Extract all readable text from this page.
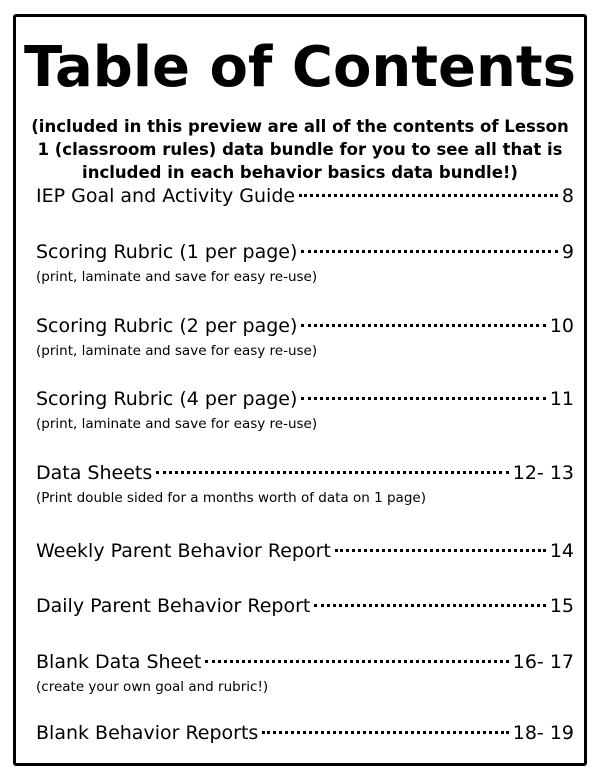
Table of Contents
(included in this preview are all of the contents of Lesson 1 (classroom rules) data bundle for you to see all that is included in each behavior basics data bundle!)
IEP Goal and Activity Guide	8
Scoring Rubric (1 per page)	9
(print, laminate and save for easy re-use)
Scoring Rubric (2 per page)	10
(print, laminate and save for easy re-use)
Scoring Rubric (4 per page)	11
(print, laminate and save for easy re-use)
Data Sheets	12- 13
(Print double sided for a months worth of data on 1 page)
Weekly Parent Behavior Report	14
Daily Parent Behavior Report	15
Blank Data Sheet	16- 17
(create your own goal and rubric!)
Blank Behavior Reports	18- 19
